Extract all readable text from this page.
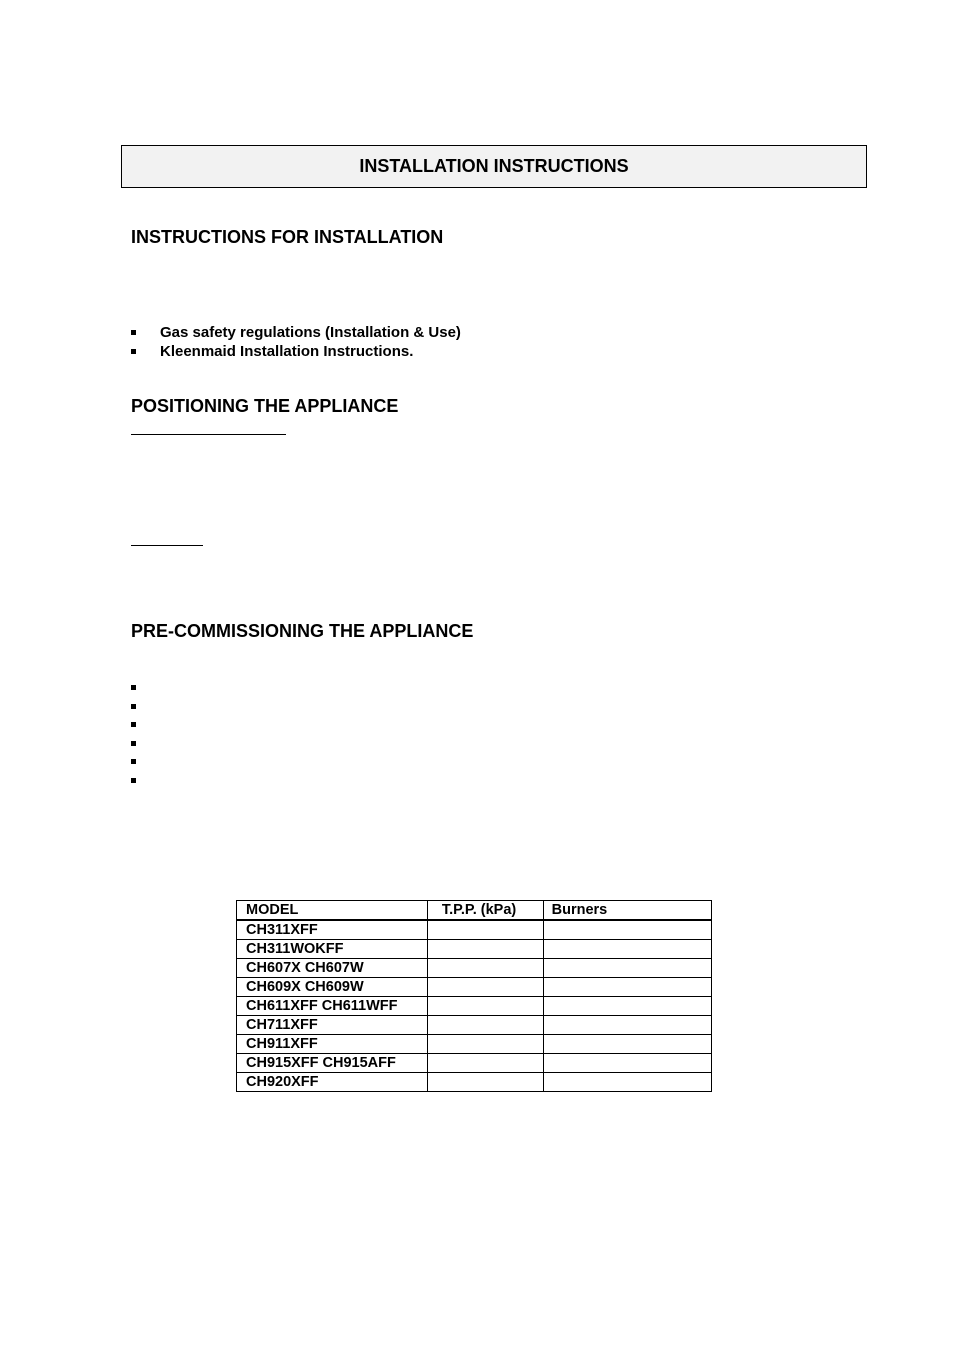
INSTALLATION INSTRUCTIONS
INSTRUCTIONS FOR INSTALLATION
Gas safety regulations (Installation & Use)
Kleenmaid Installation Instructions.
POSITIONING THE APPLIANCE
PRE-COMMISSIONING THE APPLIANCE
MODEL	T.P.P. (kPa)	Burners
CH311XFF		
CH311WOKFF		
CH607X CH607W		
CH609X CH609W		
CH611XFF CH611WFF		
CH711XFF		
CH911XFF		
CH915XFF CH915AFF		
CH920XFF		
